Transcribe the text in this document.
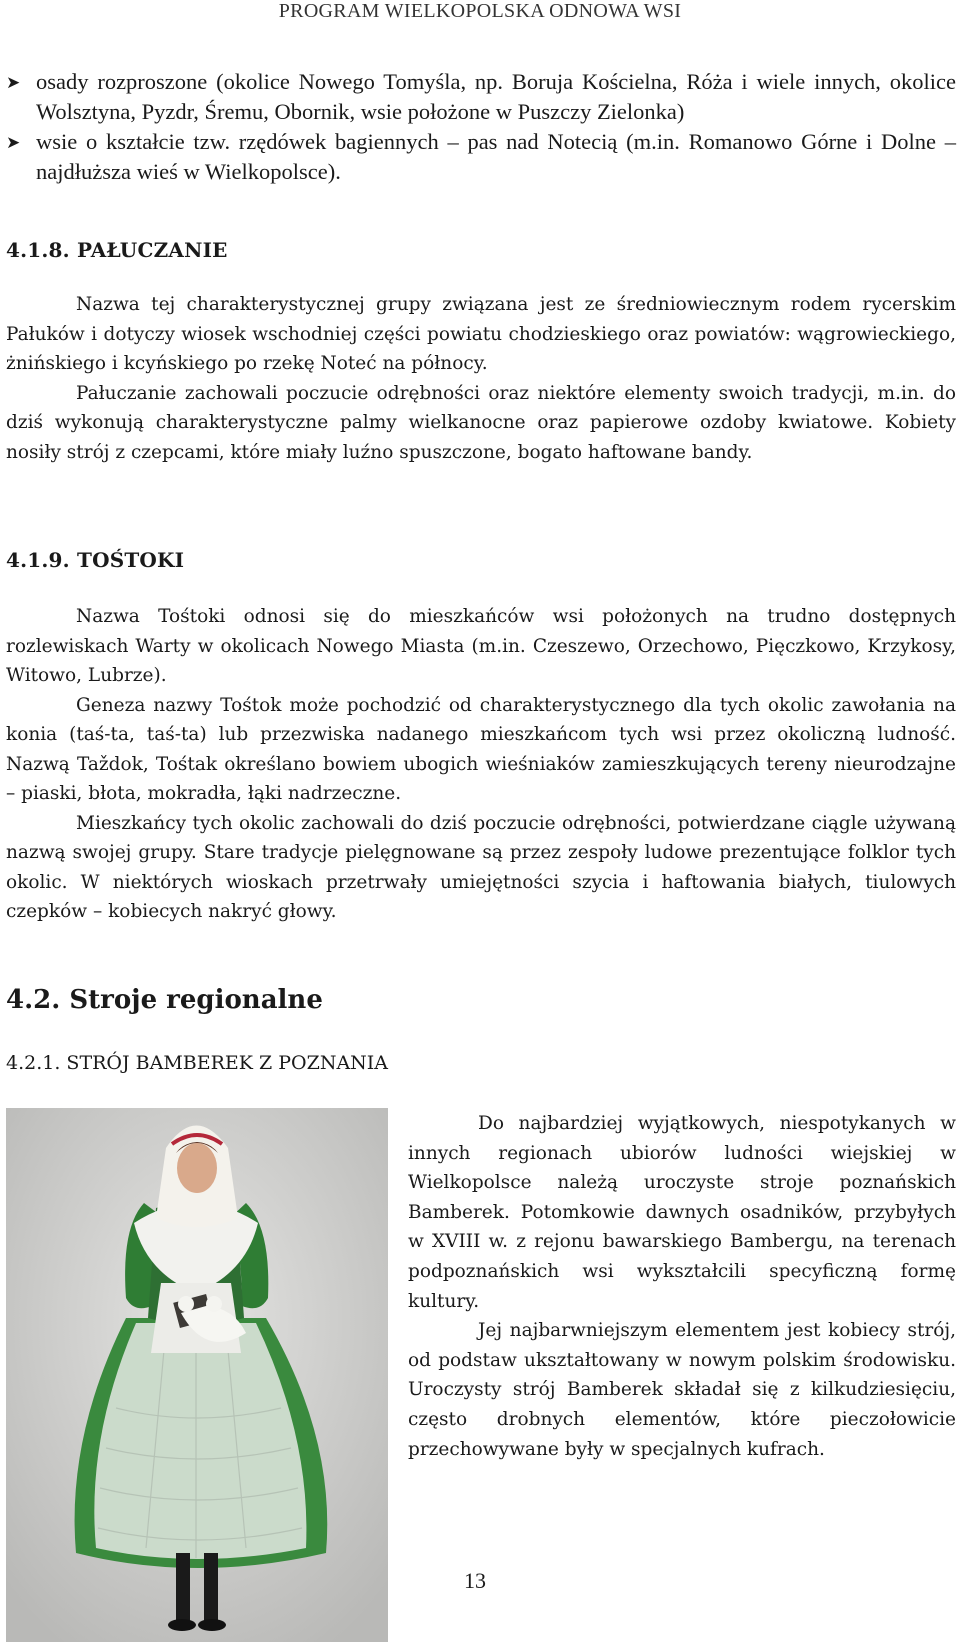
PROGRAM WIELKOPOLSKA ODNOWA WSI
➤ osady rozproszone (okolice Nowego Tomyśla, np. Boruja Kościelna, Róża i wiele innych, okolice Wolsztyna, Pyzdr, Śremu, Obornik, wsie położone w Puszczy Zielonka)
➤ wsie o kształcie tzw. rzędówek bagiennych – pas nad Notecią (m.in. Romanowo Górne i Dolne – najdłuższa wieś w Wielkopolsce).
4.1.8. PAŁUCZANIE

Nazwa tej charakterystycznej grupy związana jest ze średniowiecznym rodem rycerskim Pałuków i dotyczy wiosek wschodniej części powiatu chodzieskiego oraz powiatów: wągrowieckiego, żnińskiego i kcyńskiego po rzekę Noteć na północy.

Pałuczanie zachowali poczucie odrębności oraz niektóre elementy swoich tradycji, m.in. do dziś wykonują charakterystyczne palmy wielkanocne oraz papierowe ozdoby kwiatowe. Kobiety nosiły strój z czepcami, które miały luźno spuszczone, bogato haftowane bandy.

4.1.9. TOŚTOKI

Nazwa Tośtoki odnosi się do mieszkańców wsi położonych na trudno dostępnych rozlewiskach Warty w okolicach Nowego Miasta (m.in. Czeszewo, Orzechowo, Pięczkowo, Krzykosy, Witowo, Lubrze).

Geneza nazwy Tośtok może pochodzić od charakterystycznego dla tych okolic zawołania na konia (taś-ta, taś-ta) lub przezwiska nadanego mieszkańcom tych wsi przez okoliczną ludność. Nazwą Taždok, Tośtak określano bowiem ubogich wieśniaków zamieszkujących tereny nieurodzajne – piaski, błota, mokradła, łąki nadrzeczne.

Mieszkańcy tych okolic zachowali do dziś poczucie odrębności, potwierdzane ciągle używaną nazwą swojej grupy. Stare tradycje pielęgnowane są przez zespoły ludowe prezentujące folklor tych okolic. W niektórych wioskach przetrwały umiejętności szycia i haftowania białych, tiulowych czepków – kobiecych nakryć głowy.

4.2. Stroje regionalne
4.2.1. STRÓJ BAMBEREK Z POZNANIA

Do najbardziej wyjątkowych, niespotykanych w innych regionach ubiorów ludności wiejskiej w Wielkopolsce należą uroczyste stroje poznańskich Bamberek. Potomkowie dawnych osadników, przybyłych w XVIII w. z rejonu bawarskiego Bambergu, na terenach podpoznańskich wsi wykształcili specyficzną formę kultury.

Jej najbarwniejszym elementem jest kobiecy strój, od podstaw ukształtowany w nowym polskim środowisku. Uroczysty strój Bamberek składał się z kilkudziesięciu, często drobnych elementów, które pieczołowicie przechowywane były w specjalnych kufrach.

13
